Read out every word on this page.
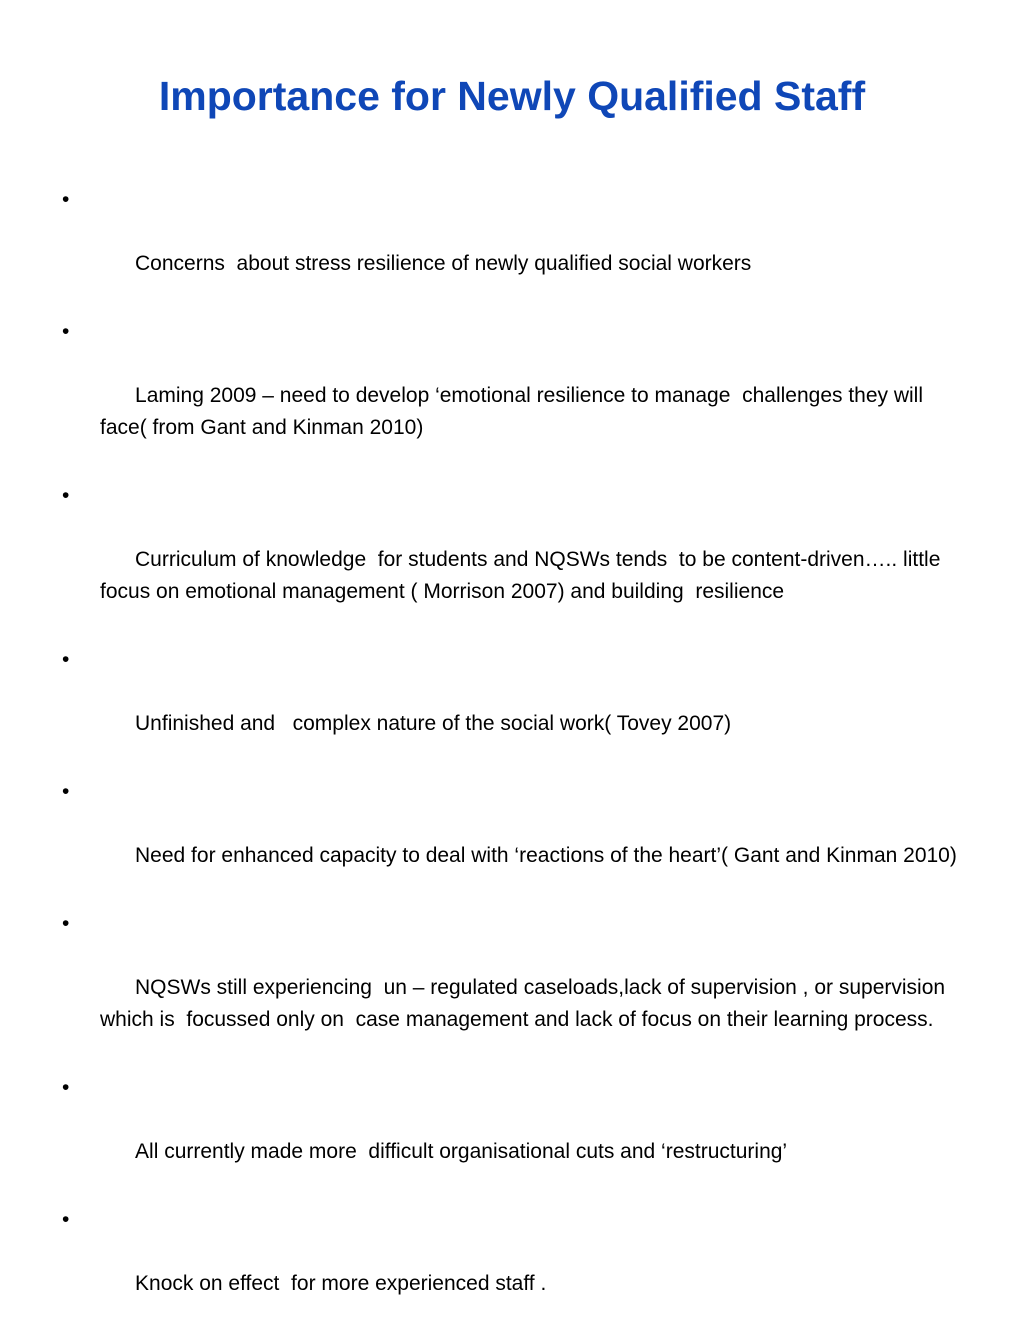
Importance for Newly Qualified Staff

•

Concerns  about stress resilience of newly qualified social workers

•

Laming 2009 – need to develop ‘emotional resilience to manage  challenges they will face( from Gant and Kinman 2010)

•

Curriculum of knowledge  for students and NQSWs tends  to be content-driven….. little focus on emotional management ( Morrison 2007) and building  resilience

•

Unfinished and   complex nature of the social work( Tovey 2007)

•

Need for enhanced capacity to deal with ‘reactions of the heart’( Gant and Kinman 2010)

•

NQSWs still experiencing  un – regulated caseloads,lack of supervision , or supervision which is  focussed only on  case management and lack of focus on their learning process.

•

All currently made more  difficult organisational cuts and ‘restructuring’

•

Knock on effect  for more experienced staff .
